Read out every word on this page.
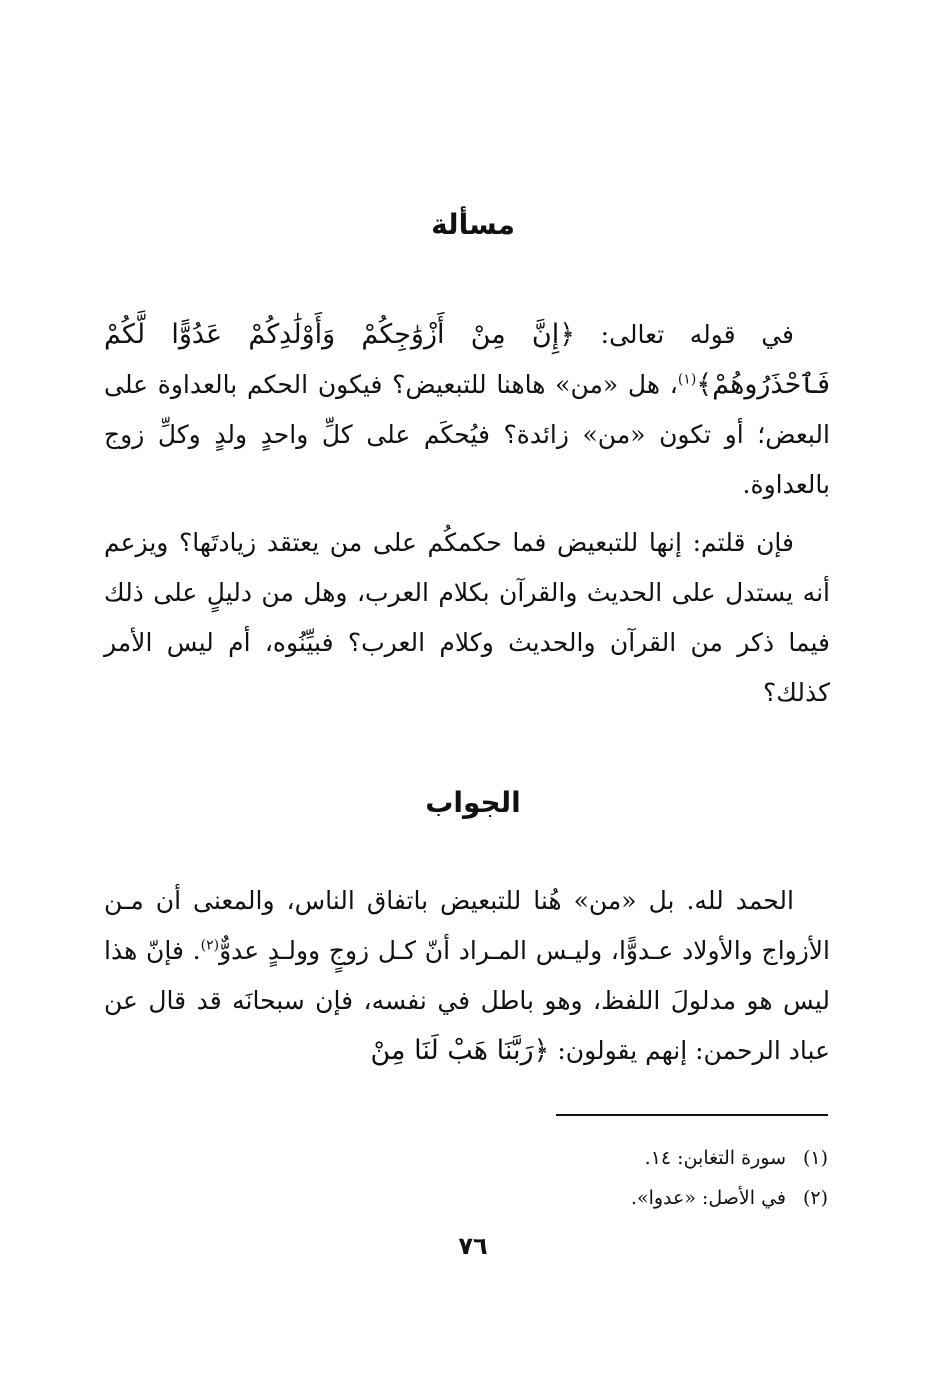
مسألة

في قوله تعالى: ﴿إِنَّ مِنْ أَزْوَٰجِكُمْ وَأَوْلَٰدِكُمْ عَدُوًّا لَّكُمْ فَٱحْذَرُوهُمْ﴾$^{(١)}$، هل «من» هاهنا للتبعيض؟ فيكون الحكم بالعداوة على البعض؛ أو تكون «من» زائدة؟ فيُحكَم على كلِّ واحدٍ ولدٍ وكلِّ زوج بالعداوة.

فإن قلتم: إنها للتبعيض فما حكمكُم على من يعتقد زيادتَها؟ ويزعم أنه يستدل على الحديث والقرآن بكلام العرب، وهل من دليلٍ على ذلك فيما ذكر من القرآن والحديث وكلام العرب؟ فبيِّنُوه، أم ليس الأمر كذلك؟

الجواب

الحمد لله. بل «من» هُنا للتبعيض باتفاق الناس، والمعنى أن مـن الأزواج والأولاد عـدوًّا، وليـس المـراد أنّ كـل زوجٍ وولـدٍ عدوٌّ$^{(٢)}$. فإنّ هذا ليس هو مدلولَ اللفظ، وهو باطل في نفسه، فإن سبحانَه قد قال عن عباد الرحمن: إنهم يقولون: ﴿رَبَّنَا هَبْ لَنَا مِنْ

(١)سورة التغابن: ١٤.
(٢)في الأصل: «عدوا».
٧٦
